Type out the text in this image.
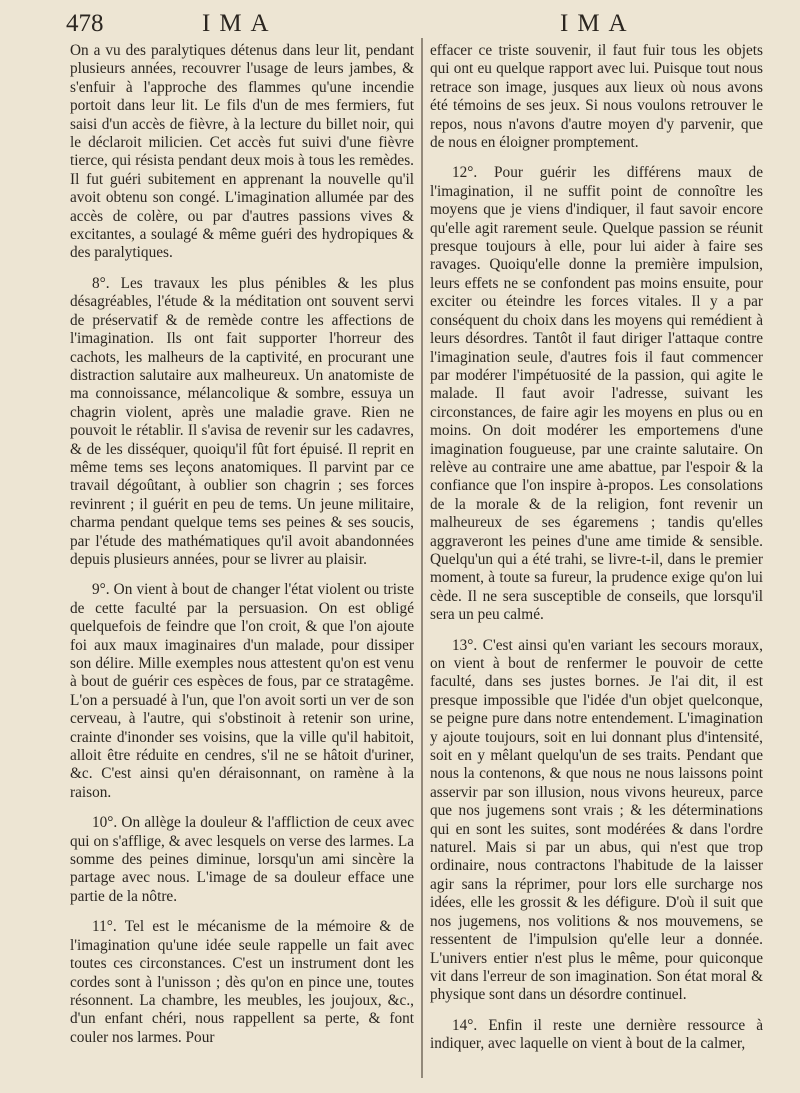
478	IMA	IMA

On a vu des paralytiques détenus dans leur lit, pendant plusieurs années, recouvrer l'usage de leurs jambes, & s'enfuir à l'approche des flammes qu'une incendie portoit dans leur lit. Le fils d'un de mes fermiers, fut saisi d'un accès de fièvre, à la lecture du billet noir, qui le déclaroit milicien. Cet accès fut suivi d'une fièvre tierce, qui résista pendant deux mois à tous les remèdes. Il fut guéri subitement en apprenant la nouvelle qu'il avoit obtenu son congé. L'imagination allumée par des accès de colère, ou par d'autres passions vives & excitantes, a soulagé & même guéri des hydropiques & des paralytiques.

8°. Les travaux les plus pénibles & les plus désagréables, l'étude & la méditation ont souvent servi de préservatif & de remède contre les affections de l'imagination. Ils ont fait supporter l'horreur des cachots, les malheurs de la captivité, en procurant une distraction salutaire aux malheureux. Un anatomiste de ma connoissance, mélancolique & sombre, essuya un chagrin violent, après une maladie grave. Rien ne pouvoit le rétablir. Il s'avisa de revenir sur les cadavres, & de les disséquer, quoiqu'il fût fort épuisé. Il reprit en même tems ses leçons anatomiques. Il parvint par ce travail dégoûtant, à oublier son chagrin ; ses forces revinrent ; il guérit en peu de tems. Un jeune militaire, charma pendant quelque tems ses peines & ses soucis, par l'étude des mathématiques qu'il avoit abandonnées depuis plusieurs années, pour se livrer au plaisir.

9°. On vient à bout de changer l'état violent ou triste de cette faculté par la persuasion. On est obligé quelquefois de feindre que l'on croit, & que l'on ajoute foi aux maux imaginaires d'un malade, pour dissiper son délire. Mille exemples nous attestent qu'on est venu à bout de guérir ces espèces de fous, par ce stratagême. L'on a persuadé à l'un, que l'on avoit sorti un ver de son cerveau, à l'autre, qui s'obstinoit à retenir son urine, crainte d'inonder ses voisins, que la ville qu'il habitoit, alloit être réduite en cendres, s'il ne se hâtoit d'uriner, &c. C'est ainsi qu'en déraisonnant, on ramène à la raison.

10°. On allège la douleur & l'affliction de ceux avec qui on s'afflige, & avec lesquels on verse des larmes. La somme des peines diminue, lorsqu'un ami sincère la partage avec nous. L'image de sa douleur efface une partie de la nôtre.

11°. Tel est le mécanisme de la mémoire & de l'imagination qu'une idée seule rappelle un fait avec toutes ces circonstances. C'est un instrument dont les cordes sont à l'unisson ; dès qu'on en pince une, toutes résonnent. La chambre, les meubles, les joujoux, &c., d'un enfant chéri, nous rappellent sa perte, & font couler nos larmes. Pour

effacer ce triste souvenir, il faut fuir tous les objets qui ont eu quelque rapport avec lui. Puisque tout nous retrace son image, jusques aux lieux où nous avons été témoins de ses jeux. Si nous voulons retrouver le repos, nous n'avons d'autre moyen d'y parvenir, que de nous en éloigner promptement.

12°. Pour guérir les différens maux de l'imagination, il ne suffit point de connoître les moyens que je viens d'indiquer, il faut savoir encore qu'elle agit rarement seule. Quelque passion se réunit presque toujours à elle, pour lui aider à faire ses ravages. Quoiqu'elle donne la première impulsion, leurs effets ne se confondent pas moins ensuite, pour exciter ou éteindre les forces vitales. Il y a par conséquent du choix dans les moyens qui remédient à leurs désordres. Tantôt il faut diriger l'attaque contre l'imagination seule, d'autres fois il faut commencer par modérer l'impétuosité de la passion, qui agite le malade. Il faut avoir l'adresse, suivant les circonstances, de faire agir les moyens en plus ou en moins. On doit modérer les emportemens d'une imagination fougueuse, par une crainte salutaire. On relève au contraire une ame abattue, par l'espoir & la confiance que l'on inspire à-propos. Les consolations de la morale & de la religion, font revenir un malheureux de ses égaremens ; tandis qu'elles aggraveront les peines d'une ame timide & sensible. Quelqu'un qui a été trahi, se livre-t-il, dans le premier moment, à toute sa fureur, la prudence exige qu'on lui cède. Il ne sera susceptible de conseils, que lorsqu'il sera un peu calmé.

13°. C'est ainsi qu'en variant les secours moraux, on vient à bout de renfermer le pouvoir de cette faculté, dans ses justes bornes. Je l'ai dit, il est presque impossible que l'idée d'un objet quelconque, se peigne pure dans notre entendement. L'imagination y ajoute toujours, soit en lui donnant plus d'intensité, soit en y mêlant quelqu'un de ses traits. Pendant que nous la contenons, & que nous ne nous laissons point asservir par son illusion, nous vivons heureux, parce que nos jugemens sont vrais ; & les déterminations qui en sont les suites, sont modérées & dans l'ordre naturel. Mais si par un abus, qui n'est que trop ordinaire, nous contractons l'habitude de la laisser agir sans la réprimer, pour lors elle surcharge nos idées, elle les grossit & les défigure. D'où il suit que nos jugemens, nos volitions & nos mouvemens, se ressentent de l'impulsion qu'elle leur a donnée. L'univers entier n'est plus le même, pour quiconque vit dans l'erreur de son imagination. Son état moral & physique sont dans un désordre continuel.

14°. Enfin il reste une dernière ressource à indiquer, avec laquelle on vient à bout de la calmer,
